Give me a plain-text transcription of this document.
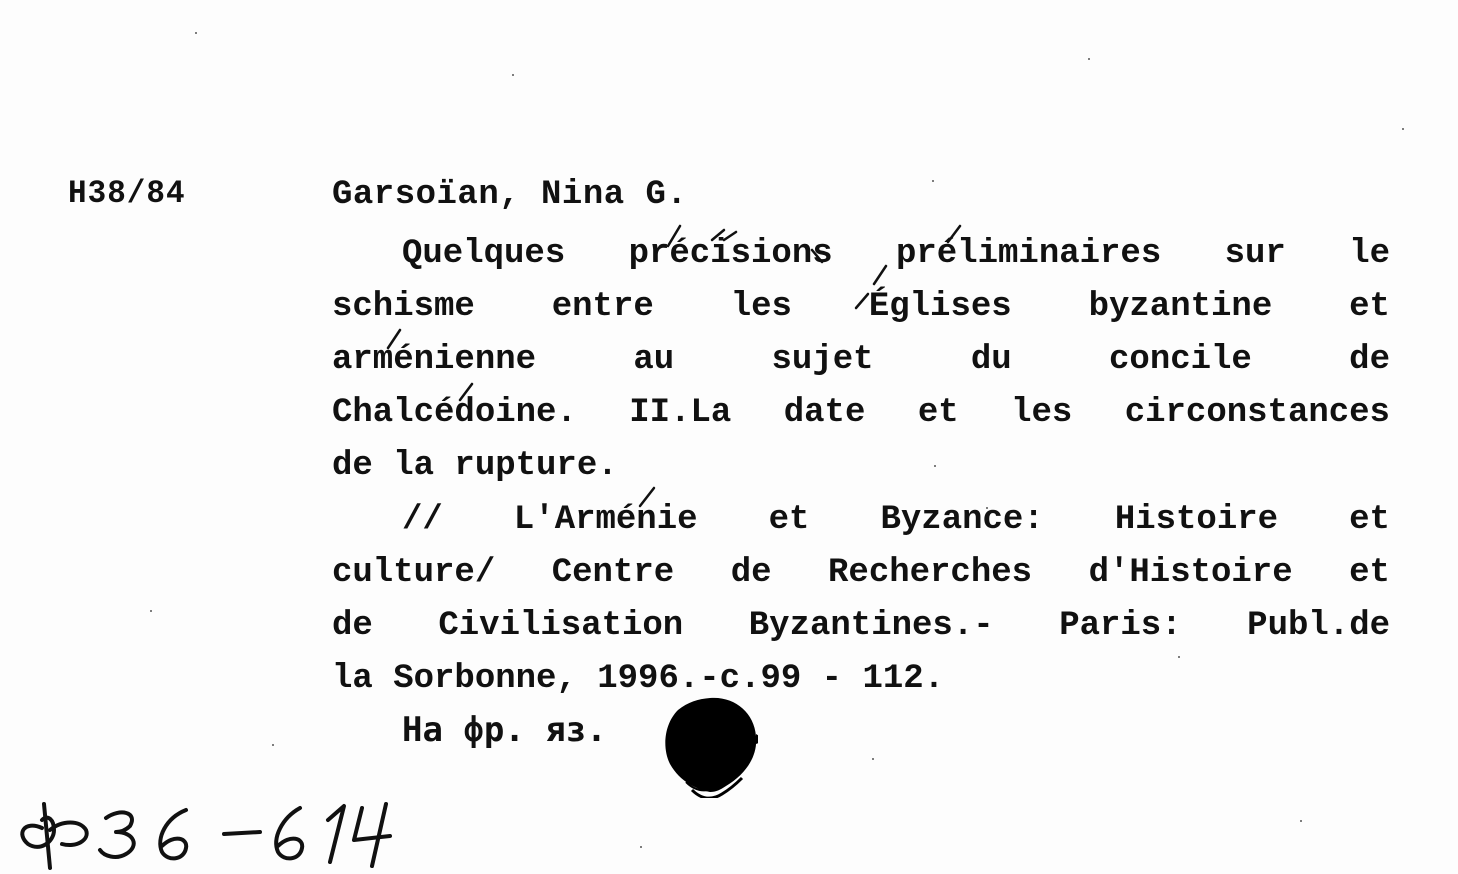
H38/84	Garsoïan, Nina G.
Quelques précisions préliminaires sur le
schisme entre les Églises byzantine et
arménienne	au	sujet	du	concile	de
Chalcédoine. II.La date et les circonstances
de la rupture.
// L'Arménie et Byzance: Histoire et
culture/ Centre de Recherches d'Histoire et
de Civilisation Byzantines.- Paris: Publ.de
la Sorbonne, 1996.-c.99 - 112.
На фр. яз.
